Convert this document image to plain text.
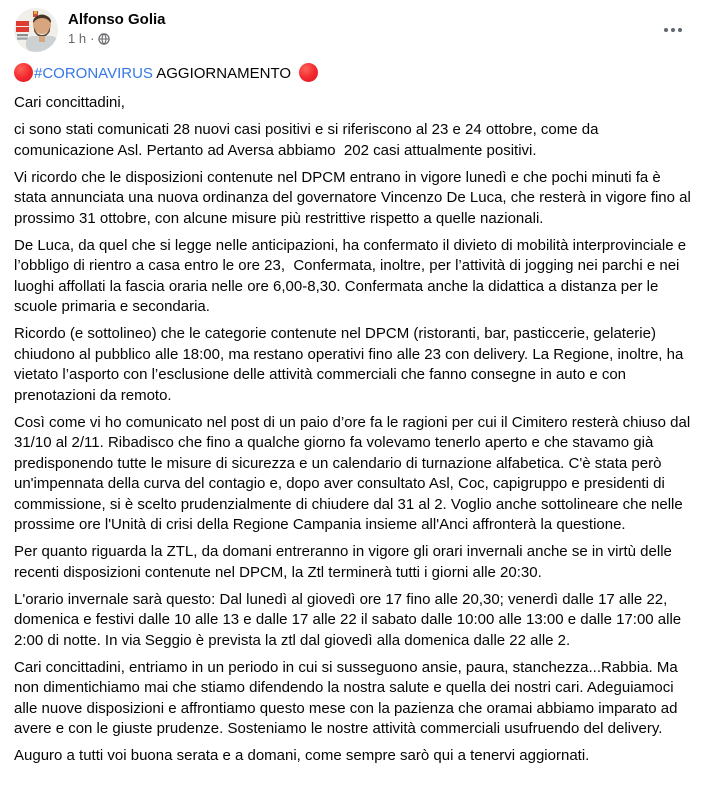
Alfonso Golia
1 h ·

#CORONAVIRUS AGGIORNAMENTO

Cari concittadini,

ci sono stati comunicati 28 nuovi casi positivi e si riferiscono al 23 e 24 ottobre, come da comunicazione Asl. Pertanto ad Aversa abbiamo  202 casi attualmente positivi.

Vi ricordo che le disposizioni contenute nel DPCM entrano in vigore lunedì e che pochi minuti fa è stata annunciata una nuova ordinanza del governatore Vincenzo De Luca, che resterà in vigore fino al prossimo 31 ottobre, con alcune misure più restrittive rispetto a quelle nazionali.

De Luca, da quel che si legge nelle anticipazioni, ha confermato il divieto di mobilità interprovinciale e l’obbligo di rientro a casa entro le ore 23,  Confermata, inoltre, per l’attività di jogging nei parchi e nei luoghi affollati la fascia oraria nelle ore 6,00-8,30. Confermata anche la didattica a distanza per le scuole primaria e secondaria.

Ricordo (e sottolineo) che le categorie contenute nel DPCM (ristoranti, bar, pasticcerie, gelaterie) chiudono al pubblico alle 18:00, ma restano operativi fino alle 23 con delivery. La Regione, inoltre, ha vietato l’asporto con l’esclusione delle attività commerciali che fanno consegne in auto e con prenotazioni da remoto.

Così come vi ho comunicato nel post di un paio d’ore fa le ragioni per cui il Cimitero resterà chiuso dal 31/10 al 2/11. Ribadisco che fino a qualche giorno fa volevamo tenerlo aperto e che stavamo già predisponendo tutte le misure di sicurezza e un calendario di turnazione alfabetica. C'è stata però un'impennata della curva del contagio e, dopo aver consultato Asl, Coc, capigruppo e presidenti di commissione, si è scelto prudenzialmente di chiudere dal 31 al 2. Voglio anche sottolineare che nelle prossime ore l'Unità di crisi della Regione Campania insieme all'Anci affronterà la questione.

Per quanto riguarda la ZTL, da domani entreranno in vigore gli orari invernali anche se in virtù delle recenti disposizioni contenute nel DPCM, la Ztl terminerà tutti i giorni alle 20:30.

L'orario invernale sarà questo: Dal lunedì al giovedì ore 17 fino alle 20,30; venerdì dalle 17 alle 22, domenica e festivi dalle 10 alle 13 e dalle 17 alle 22 il sabato dalle 10:00 alle 13:00 e dalle 17:00 alle 2:00 di notte. In via Seggio è prevista la ztl dal giovedì alla domenica dalle 22 alle 2.

Cari concittadini, entriamo in un periodo in cui si susseguono ansie, paura, stanchezza...Rabbia. Ma non dimentichiamo mai che stiamo difendendo la nostra salute e quella dei nostri cari. Adeguiamoci alle nuove disposizioni e affrontiamo questo mese con la pazienza che oramai abbiamo imparato ad avere e con le giuste prudenze. Sosteniamo le nostre attività commerciali usufruendo del delivery.

Auguro a tutti voi buona serata e a domani, come sempre sarò qui a tenervi aggiornati.
